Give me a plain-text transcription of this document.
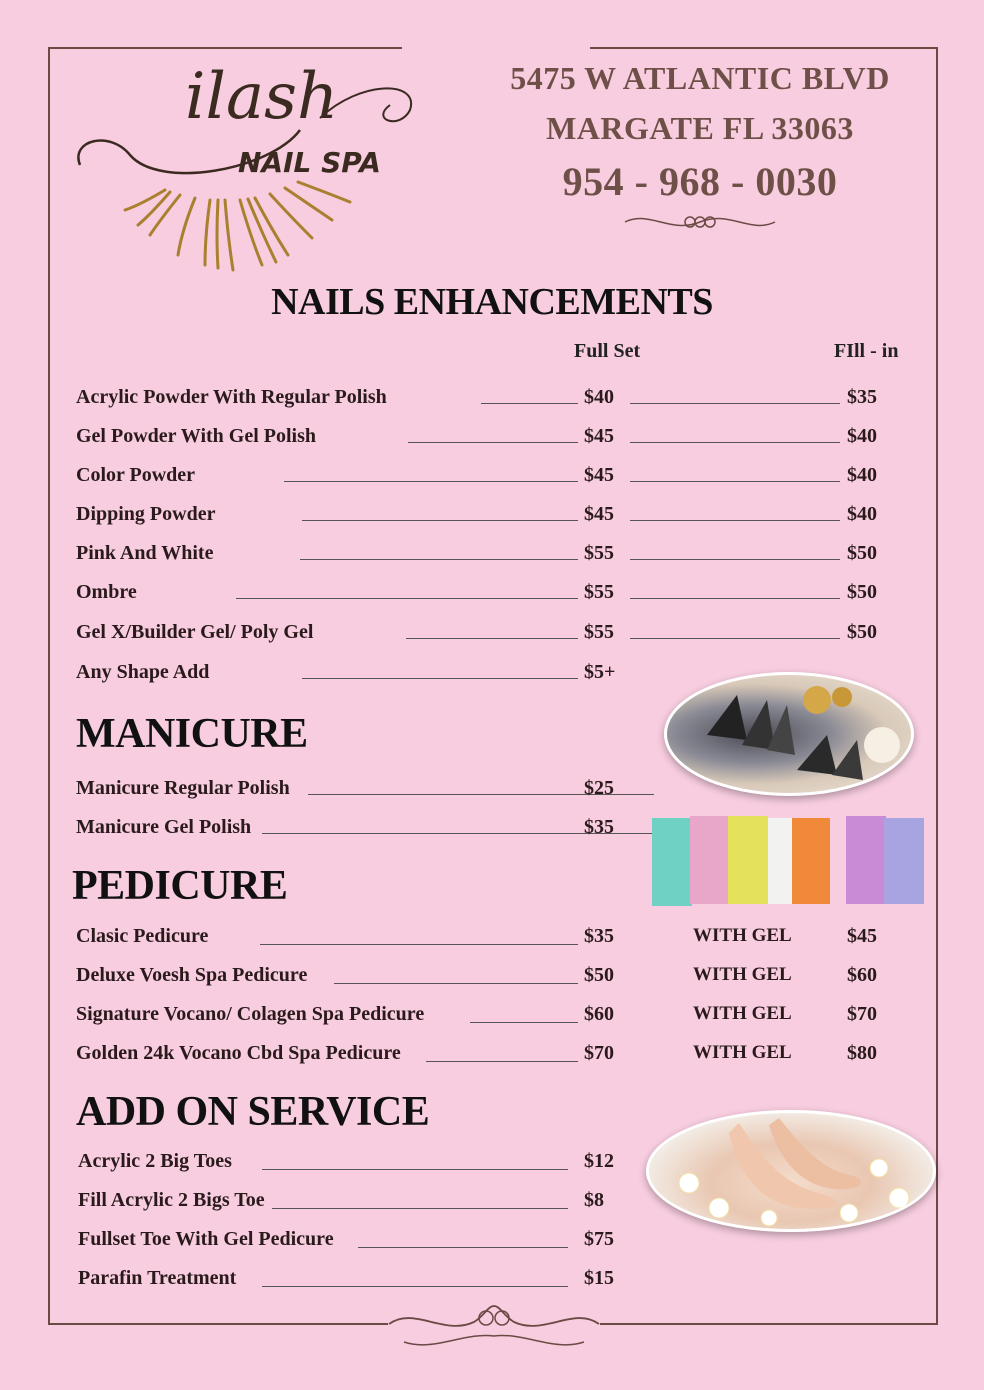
ilash
NAIL SPA
5475 W ATLANTIC BLVD
MARGATE FL 33063
954 - 968 - 0030
NAILS ENHANCEMENTS
Full Set	FIll - in
Acrylic Powder With Regular Polish	$40	$35
Gel Powder With Gel Polish	$45	$40
Color Powder	$45	$40
Dipping Powder	$45	$40
Pink And White	$55	$50
Ombre	$55	$50
Gel X/Builder Gel/ Poly Gel	$55	$50
Any Shape Add	$5+
MANICURE
Manicure Regular Polish	$25
Manicure Gel Polish	$35
PEDICURE
Clasic Pedicure	$35	WITH GEL	$45
Deluxe Voesh Spa Pedicure	$50	WITH GEL	$60
Signature Vocano/ Colagen Spa Pedicure	$60	WITH GEL	$70
Golden 24k Vocano Cbd Spa Pedicure	$70	WITH GEL	$80
ADD ON SERVICE
Acrylic 2 Big Toes	$12
Fill Acrylic 2 Bigs Toe	$8
Fullset Toe With Gel Pedicure	$75
Parafin Treatment	$15
